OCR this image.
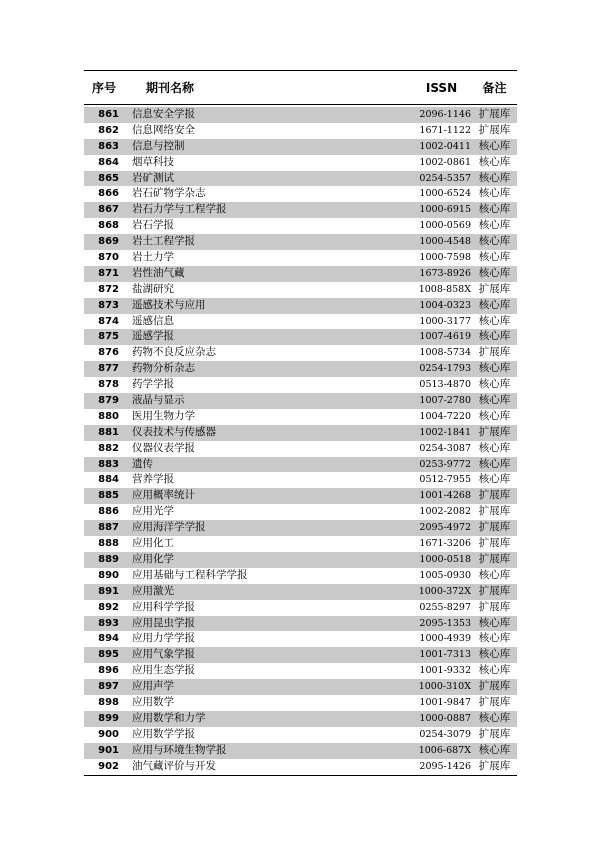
序号	期刊名称	ISSN	备注
861	信息安全学报	2096-1146 扩展库
862	信息网络安全	1671-1122 扩展库
863	信息与控制	1002-0411 核心库
864	烟草科技	1002-0861 核心库
865	岩矿测试	0254-5357 核心库
866	岩石矿物学杂志	1000-6524 核心库
867	岩石力学与工程学报	1000-6915 核心库
868	岩石学报	1000-0569 核心库
869	岩土工程学报	1000-4548 核心库
870	岩土力学	1000-7598 核心库
871	岩性油气藏	1673-8926 核心库
872	盐湖研究	1008-858X 扩展库
873	遥感技术与应用	1004-0323 核心库
874	遥感信息	1000-3177 核心库
875	遥感学报	1007-4619 核心库
876	药物不良反应杂志	1008-5734 扩展库
877	药物分析杂志	0254-1793 核心库
878	药学学报	0513-4870 核心库
879	液晶与显示	1007-2780 核心库
880	医用生物力学	1004-7220 核心库
881	仪表技术与传感器	1002-1841 扩展库
882	仪器仪表学报	0254-3087 核心库
883	遗传	0253-9772 核心库
884	营养学报	0512-7955 核心库
885	应用概率统计	1001-4268 扩展库
886	应用光学	1002-2082 扩展库
887	应用海洋学学报	2095-4972 扩展库
888	应用化工	1671-3206 扩展库
889	应用化学	1000-0518 扩展库
890	应用基础与工程科学学报	1005-0930 核心库
891	应用激光	1000-372X 扩展库
892	应用科学学报	0255-8297 扩展库
893	应用昆虫学报	2095-1353 核心库
894	应用力学学报	1000-4939 核心库
895	应用气象学报	1001-7313 核心库
896	应用生态学报	1001-9332 核心库
897	应用声学	1000-310X 扩展库
898	应用数学	1001-9847 扩展库
899	应用数学和力学	1000-0887 核心库
900	应用数学学报	0254-3079 扩展库
901	应用与环境生物学报	1006-687X 核心库
902	油气藏评价与开发	2095-1426 扩展库
